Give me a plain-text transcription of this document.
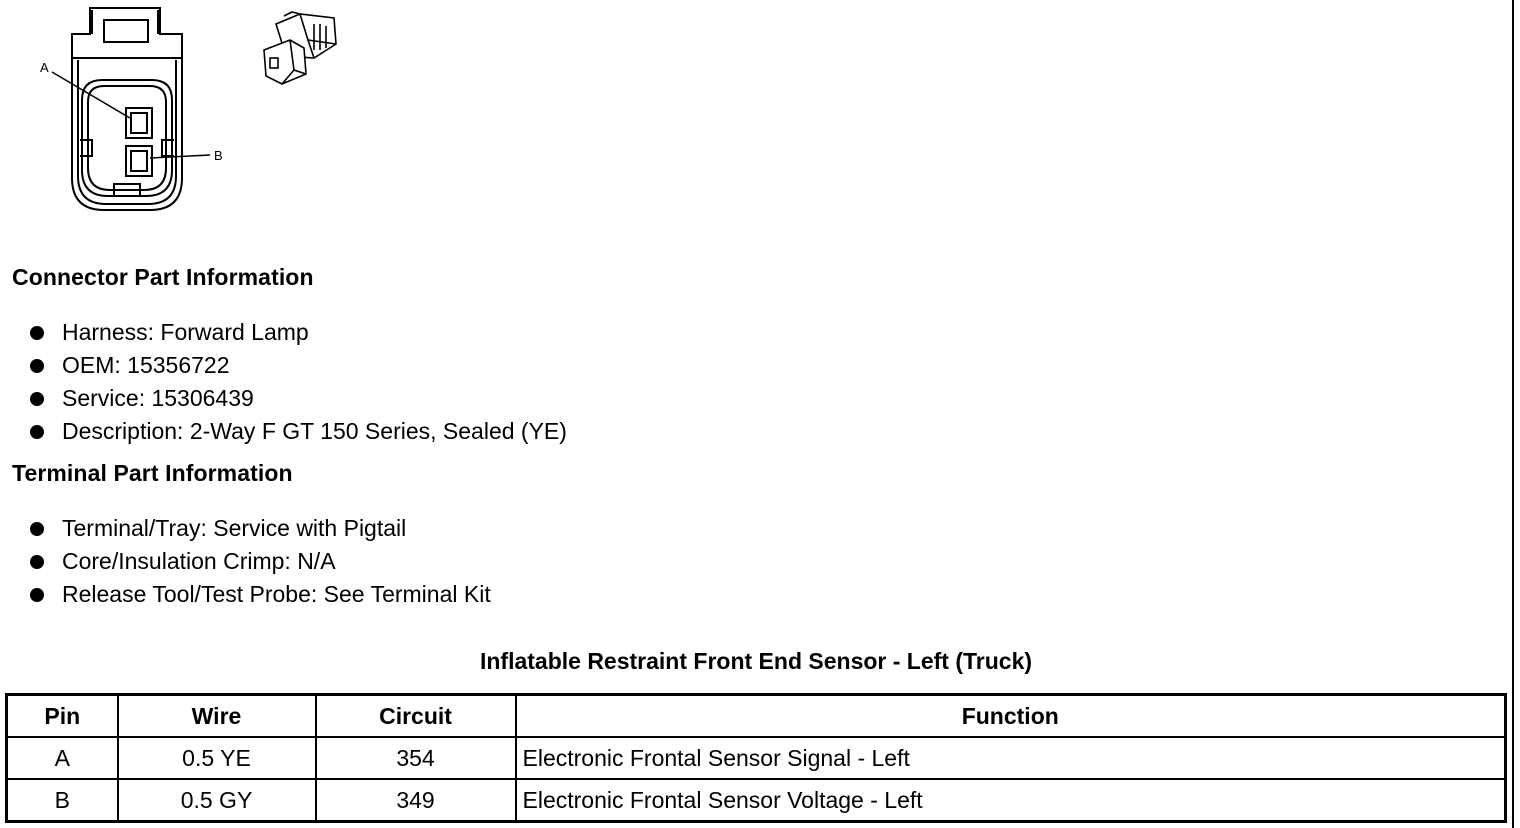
A
B
Connector Part Information
Harness: Forward Lamp
OEM: 15356722
Service: 15306439
Description: 2-Way F GT 150 Series, Sealed (YE)
Terminal Part Information
Terminal/Tray: Service with Pigtail
Core/Insulation Crimp: N/A
Release Tool/Test Probe: See Terminal Kit
Inflatable Restraint Front End Sensor - Left (Truck)
Pin	Wire	Circuit	Function
A	0.5 YE	354	Electronic Frontal Sensor Signal - Left
B	0.5 GY	349	Electronic Frontal Sensor Voltage - Left
